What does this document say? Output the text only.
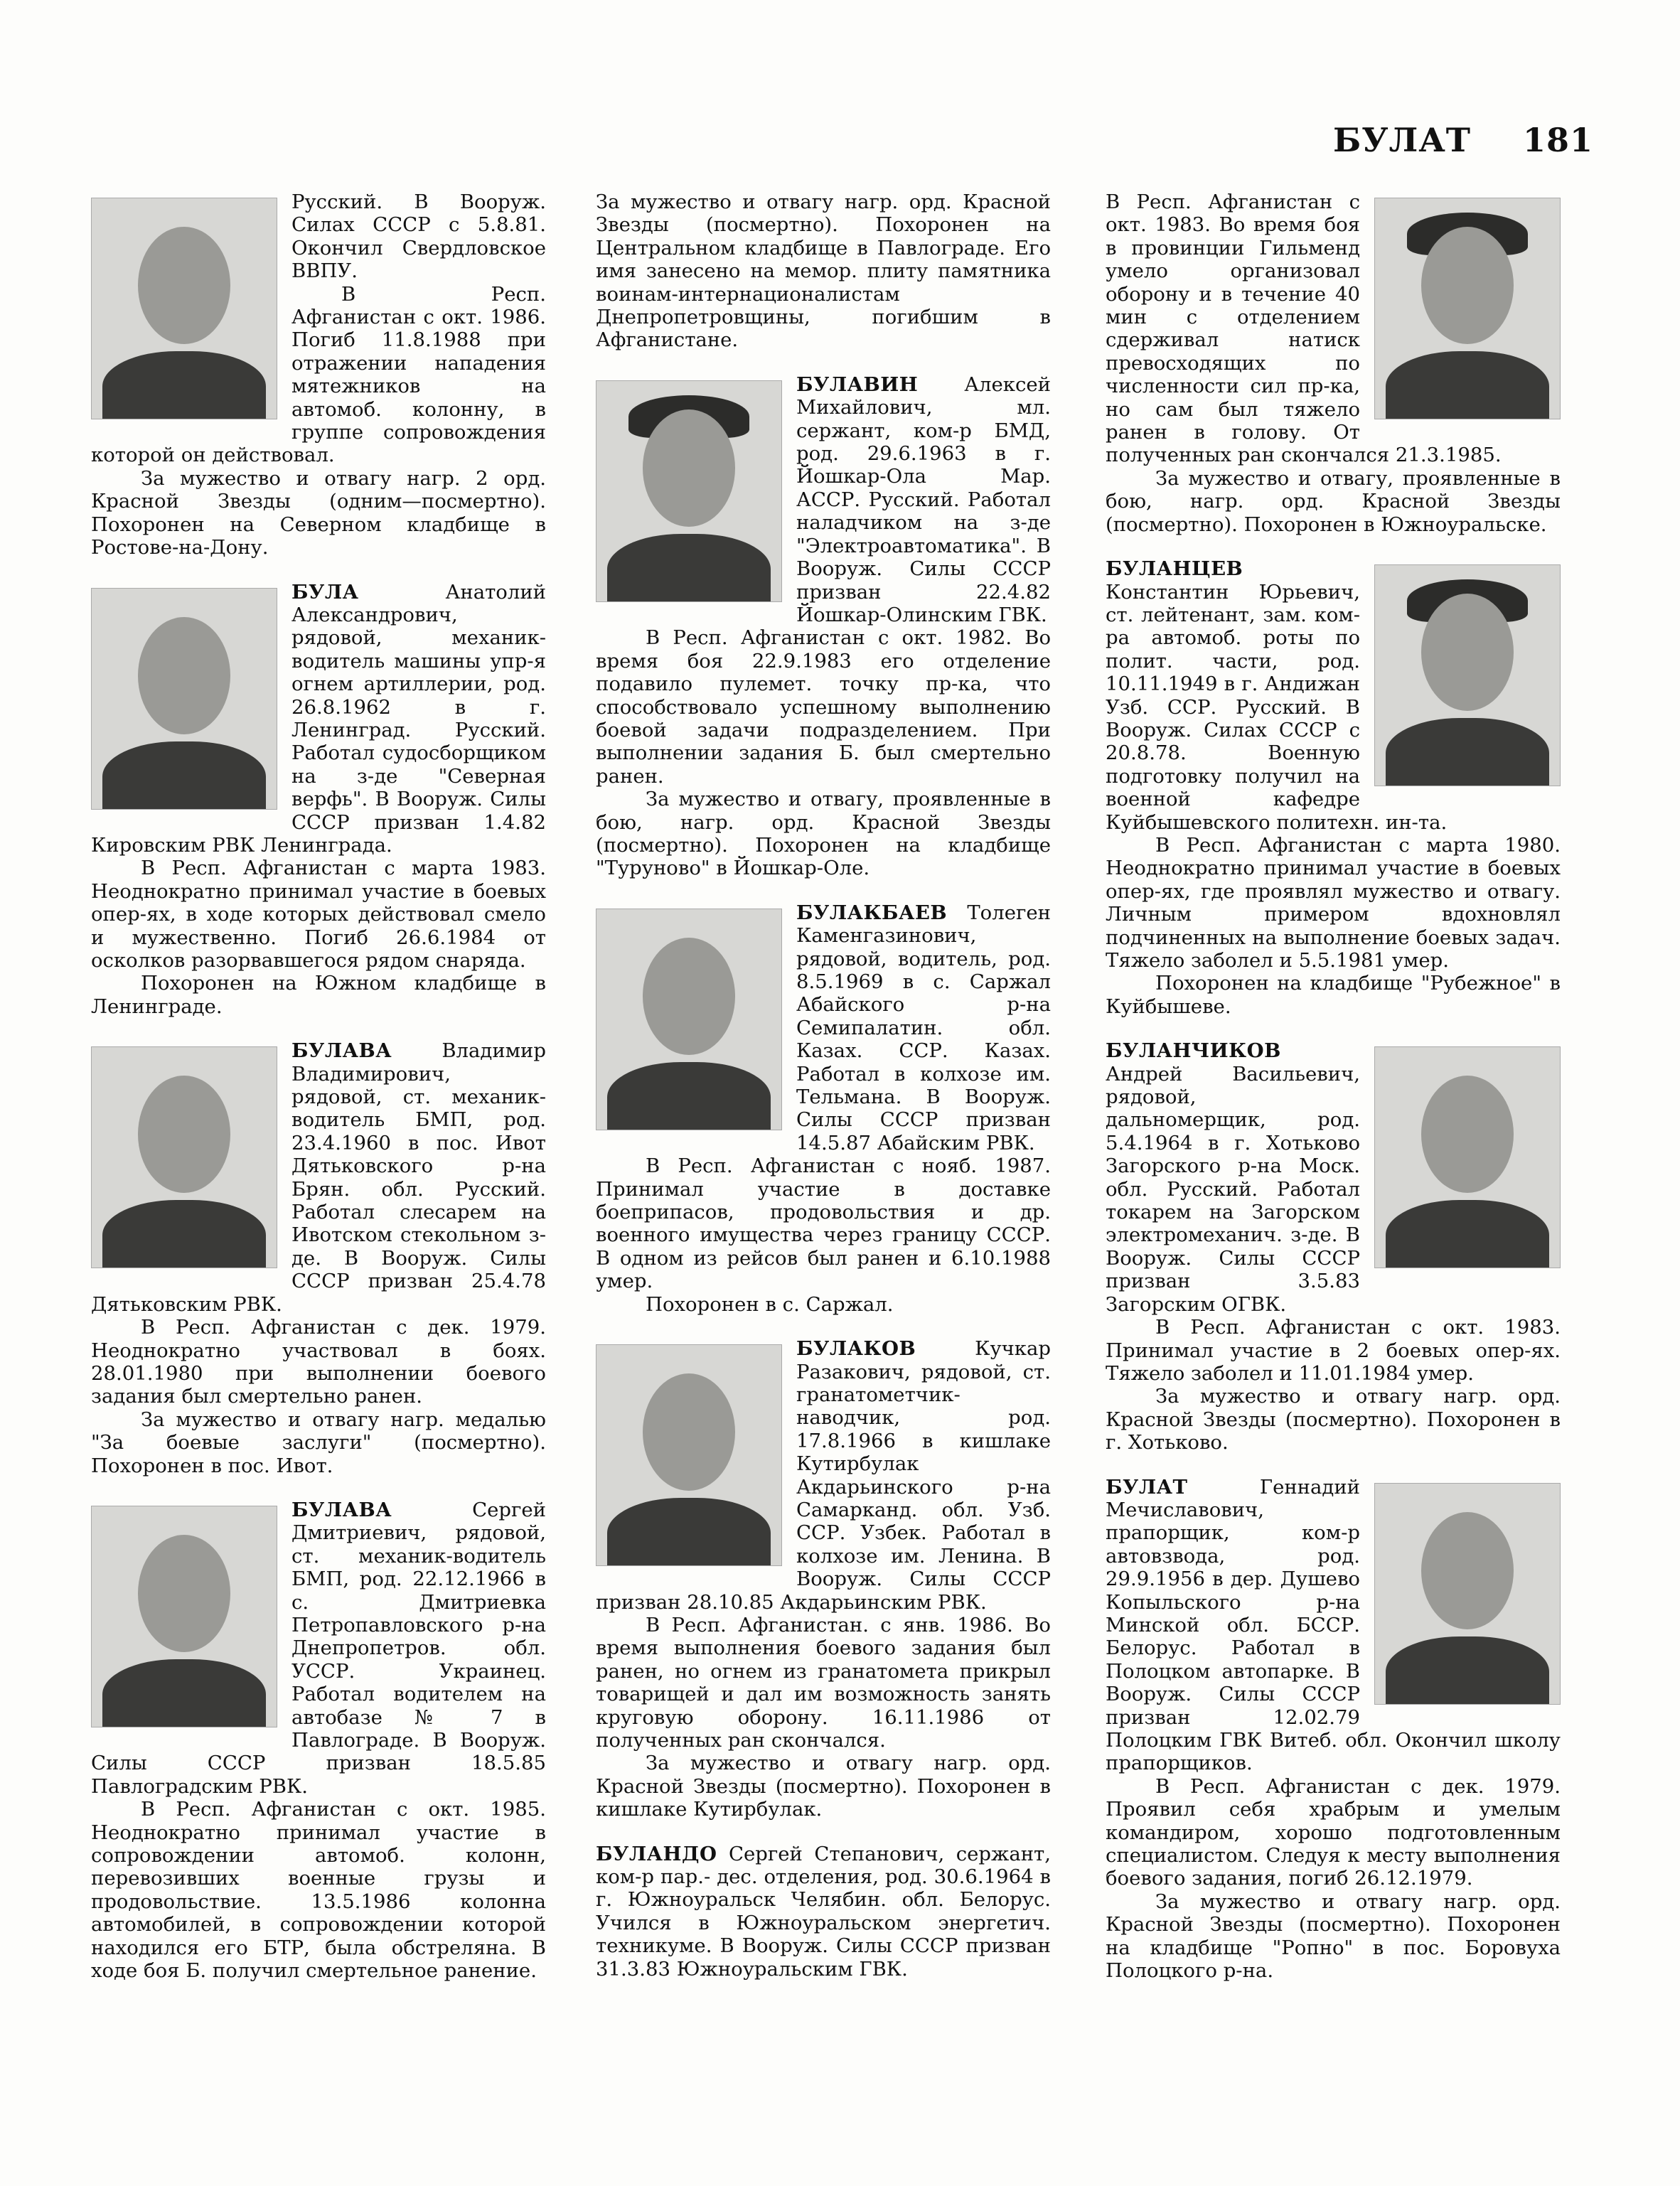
БУЛАТ 181

Русский. В Вооруж. Силах СССР с 5.8.81. Окончил Свердловское ВВПУ.

В Респ. Афганистан с окт. 1986. Погиб 11.8.1988 при отражении нападения мятежников на автомоб. колонну, в группе сопровождения которой он действовал.

За мужество и отвагу нагр. 2 орд. Красной Звезды (одним—посмертно). Похоронен на Северном кладбище в Ростове-на-Дону.

БУЛА	Анатолий Александрович, рядовой, механик-водитель машины упр-я огнем артиллерии, род. 26.8.1962 в г. Ленинград. Русский. Работал судосборщиком на з-де "Северная верфь". В Вооруж. Силы СССР призван 1.4.82 Кировским РВК Ленинграда.

В Респ. Афганистан с марта 1983. Неоднократно принимал участие в боевых опер-ях, в ходе которых действовал смело и мужественно. Погиб 26.6.1984 от осколков разорвавшегося рядом снаряда.

Похоронен на Южном кладбище в Ленинграде.

БУЛАВА	Владимир Владимирович, рядовой, ст. механик-водитель БМП, род. 23.4.1960 в пос. Ивот Дятьковского р-на Брян. обл. Русский. Работал слесарем на Ивотском стекольном з-де. В Вооруж. Силы СССР призван 25.4.78 Дятьковским РВК.

В Респ. Афганистан с дек. 1979. Неоднократно участвовал в боях. 28.01.1980 при выполнении боевого задания был смертельно ранен.

За мужество и отвагу нагр. медалью "За боевые заслуги" (посмертно). Похоронен в пос. Ивот.

БУЛАВА	Сергей Дмитриевич, рядовой, ст. механик-водитель БМП, род. 22.12.1966 в с. Дмитриевка Петропавловского р-на Днепропетров. обл. УССР. Украинец. Работал водителем на автобазе № 7 в Павлограде. В Вооруж. Силы СССР призван 18.5.85 Павлоградским РВК.

В Респ. Афганистан с окт. 1985. Неоднократно принимал участие в сопровождении автомоб. колонн, перевозивших военные грузы и продовольствие. 13.5.1986 колонна автомобилей, в сопровождении которой находился его БТР, была обстреляна. В ходе боя Б. получил смертельное ранение.

За мужество и отвагу нагр. орд. Красной Звезды (посмертно). Похоронен на Центральном кладбище в Павлограде. Его имя занесено на мемор. плиту памятника воинам-интернационалистам Днепропетровщины, погибшим в Афганистане.

БУЛАВИН Алексей Михайлович, мл. сержант, ком-р БМД, род. 29.6.1963 в г. Йошкар-Ола Мар. АССР. Русский. Работал наладчиком на з-де "Электроавтоматика". В Вооруж. Силы СССР призван 22.4.82 Йошкар-Олинским ГВК.

В Респ. Афганистан с окт. 1982. Во время боя 22.9.1983 его отделение подавило пулемет. точку пр-ка, что способствовало успешному выполнению боевой задачи подразделением. При выполнении задания Б. был смертельно ранен.

За мужество и отвагу, проявленные в бою, нагр. орд. Красной Звезды (посмертно). Похоронен на кладбище "Туруново" в Йошкар-Оле.

БУЛАКБАЕВ Толеген Каменгазинович, рядовой, водитель, род. 8.5.1969 в с. Саржал Абайского р-на Семипалатин. обл. Казах. ССР. Казах. Работал в колхозе им. Тельмана. В Вооруж. Силы СССР призван 14.5.87 Абайским РВК.

В Респ. Афганистан с нояб. 1987. Принимал участие в доставке боеприпасов, продовольствия и др. военного имущества через границу СССР. В одном из рейсов был ранен и 6.10.1988 умер.

Похоронен в с. Саржал.

БУЛАКОВ	Кучкар Разакович, рядовой, ст. гранатометчик-наводчик, род. 17.8.1966 в кишлаке Кутирбулак Акдарьинского р-на Самарканд. обл. Узб. ССР. Узбек. Работал в колхозе им. Ленина. В Вооруж. Силы СССР призван 28.10.85 Акдарьинским РВК.

В Респ. Афганистан. с янв. 1986. Во время выполнения боевого задания был ранен, но огнем из гранатомета прикрыл товарищей и дал им возможность занять круговую оборону. 16.11.1986 от полученных ран скончался.

За мужество и отвагу нагр. орд. Красной Звезды (посмертно). Похоронен в кишлаке Кутирбулак.

БУЛАНДО Сергей Степанович, сержант, ком-р пар.- дес. отделения, род. 30.6.1964 в г. Южноуральск Челябин. обл. Белорус. Учился в Южноуральском энергетич. техникуме. В Вооруж. Силы СССР призван 31.3.83 Южноуральским ГВК.

В Респ. Афганистан с окт. 1983. Во время боя в провинции Гильменд умело организовал оборону и в течение 40 мин с отделением сдерживал натиск превосходящих по численности сил пр-ка, но сам был тяжело ранен в голову. От полученных ран скончался 21.3.1985.

За мужество и отвагу, проявленные в бою, нагр. орд. Красной Звезды (посмертно). Похоронен в Южноуральске.

БУЛАНЦЕВ Константин Юрьевич, ст. лейтенант, зам. ком-ра автомоб. роты по полит. части, род. 10.11.1949 в г. Андижан Узб. ССР. Русский. В Вооруж. Силах СССР с 20.8.78. Военную подготовку получил на военной кафедре Куйбышевского политехн. ин-та.

В Респ. Афганистан с марта 1980. Неоднократно принимал участие в боевых опер-ях, где проявлял мужество и отвагу. Личным примером вдохновлял подчиненных на выполнение боевых задач. Тяжело заболел и 5.5.1981 умер.

Похоронен на кладбище "Рубежное" в Куйбышеве.

БУЛАНЧИКОВ Андрей Васильевич, рядовой, дальномерщик, род. 5.4.1964 в г. Хотьково Загорского р-на Моск. обл. Русский. Работал токарем на Загорском электромеханич. з-де. В Вооруж. Силы СССР призван 3.5.83 Загорским ОГВК.

В Респ. Афганистан с окт. 1983. Принимал участие в 2 боевых опер-ях. Тяжело заболел и 11.01.1984 умер.

За мужество и отвагу нагр. орд. Красной Звезды (посмертно). Похоронен в г. Хотьково.

БУЛАТ	Геннадий Мечиславович, прапорщик, ком-р автовзвода, род. 29.9.1956 в дер. Душево Копыльского р-на Минской обл. БССР. Белорус. Работал в Полоцком автопарке. В Вооруж. Силы СССР призван 12.02.79 Полоцким ГВК Витеб. обл. Окончил школу прапорщиков.

В Респ. Афганистан с дек. 1979. Проявил себя храбрым и умелым командиром, хорошо подготовленным специалистом. Следуя к месту выполнения боевого задания, погиб 26.12.1979.

За мужество и отвагу нагр. орд. Красной Звезды (посмертно). Похоронен на кладбище "Ропно" в пос. Боровуха Полоцкого р-на.
